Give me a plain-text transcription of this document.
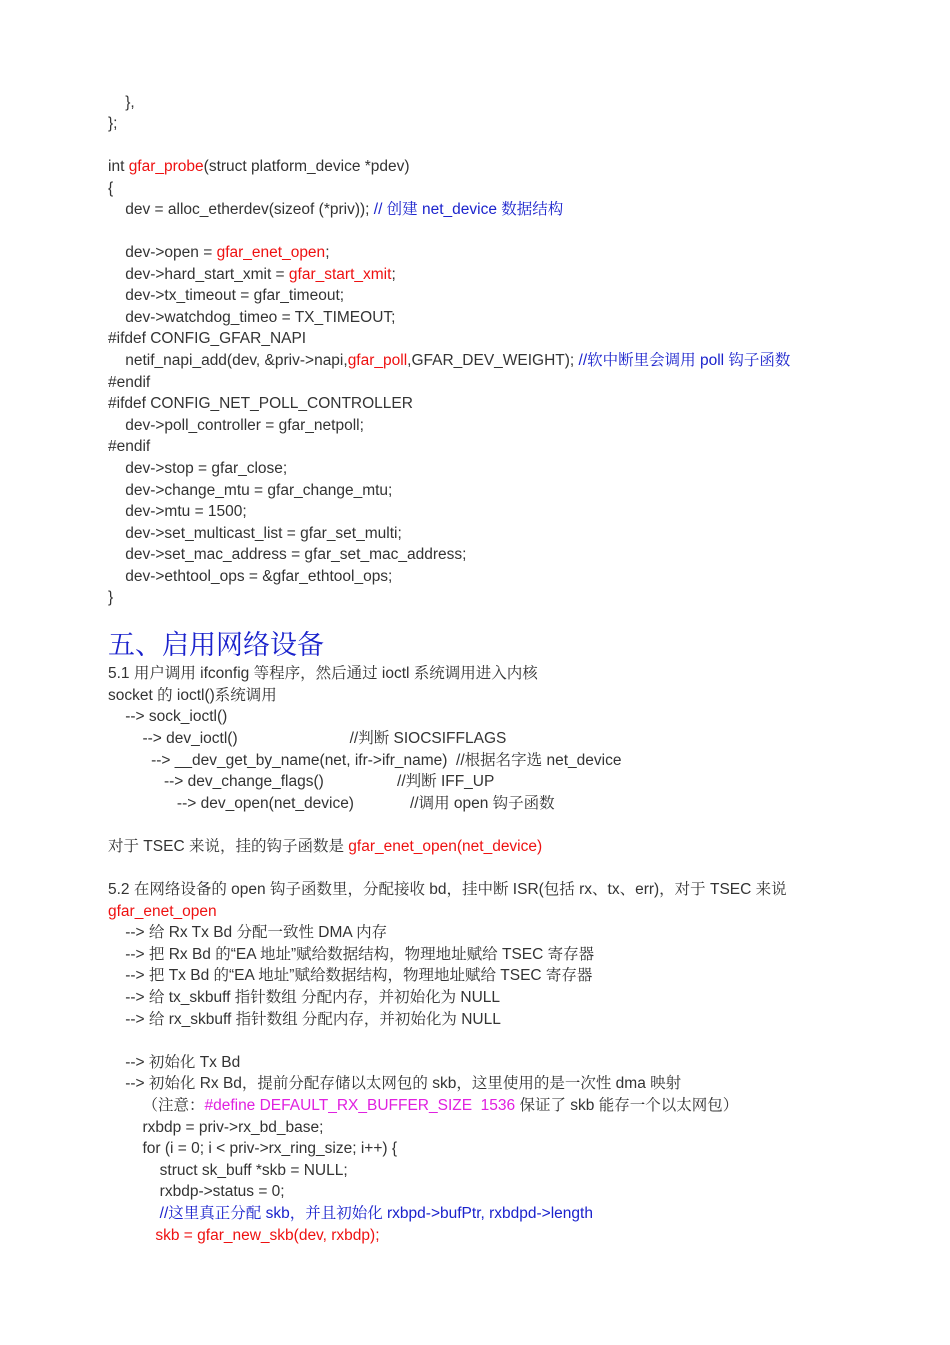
},
};
int gfar_probe(struct platform_device *pdev)
{
dev = alloc_etherdev(sizeof (*priv)); // 创建 net_device 数据结构
dev->open = gfar_enet_open;
dev->hard_start_xmit = gfar_start_xmit;
dev->tx_timeout = gfar_timeout;
dev->watchdog_timeo = TX_TIMEOUT;
#ifdef CONFIG_GFAR_NAPI
netif_napi_add(dev, &priv->napi,gfar_poll,GFAR_DEV_WEIGHT); //软中断里会调用 poll 钩子函数
#endif
#ifdef CONFIG_NET_POLL_CONTROLLER
dev->poll_controller = gfar_netpoll;
#endif
dev->stop = gfar_close;
dev->change_mtu = gfar_change_mtu;
dev->mtu = 1500;
dev->set_multicast_list = gfar_set_multi;
dev->set_mac_address = gfar_set_mac_address;
dev->ethtool_ops = &gfar_ethtool_ops;
}
五、启用网络设备
5.1 用户调用 ifconfig 等程序，然后通过 ioctl 系统调用进入内核
socket 的 ioctl()系统调用
--> sock_ioctl()
--> dev_ioctl()                          //判断 SIOCSIFFLAGS
--> __dev_get_by_name(net, ifr->ifr_name)  //根据名字选 net_device
--> dev_change_flags()                 //判断 IFF_UP
--> dev_open(net_device)             //调用 open 钩子函数
对于 TSEC 来说，挂的钩子函数是 gfar_enet_open(net_device)
5.2 在网络设备的 open 钩子函数里，分配接收 bd，挂中断 ISR(包括 rx、tx、err)，对于 TSEC 来说
gfar_enet_open
--> 给 Rx Tx Bd 分配一致性 DMA 内存
--> 把 Rx Bd 的“EA 地址”赋给数据结构，物理地址赋给 TSEC 寄存器
--> 把 Tx Bd 的“EA 地址”赋给数据结构，物理地址赋给 TSEC 寄存器
--> 给 tx_skbuff 指针数组 分配内存，并初始化为 NULL
--> 给 rx_skbuff 指针数组 分配内存，并初始化为 NULL
--> 初始化 Tx Bd
--> 初始化 Rx Bd，提前分配存储以太网包的 skb，这里使用的是一次性 dma 映射
（注意：#define DEFAULT_RX_BUFFER_SIZE  1536 保证了 skb 能存一个以太网包）
rxbdp = priv->rx_bd_base;
for (i = 0; i < priv->rx_ring_size; i++) {
struct sk_buff *skb = NULL;
rxbdp->status = 0;
//这里真正分配 skb，并且初始化 rxbpd->bufPtr, rxbdpd->length
skb = gfar_new_skb(dev, rxbdp);
